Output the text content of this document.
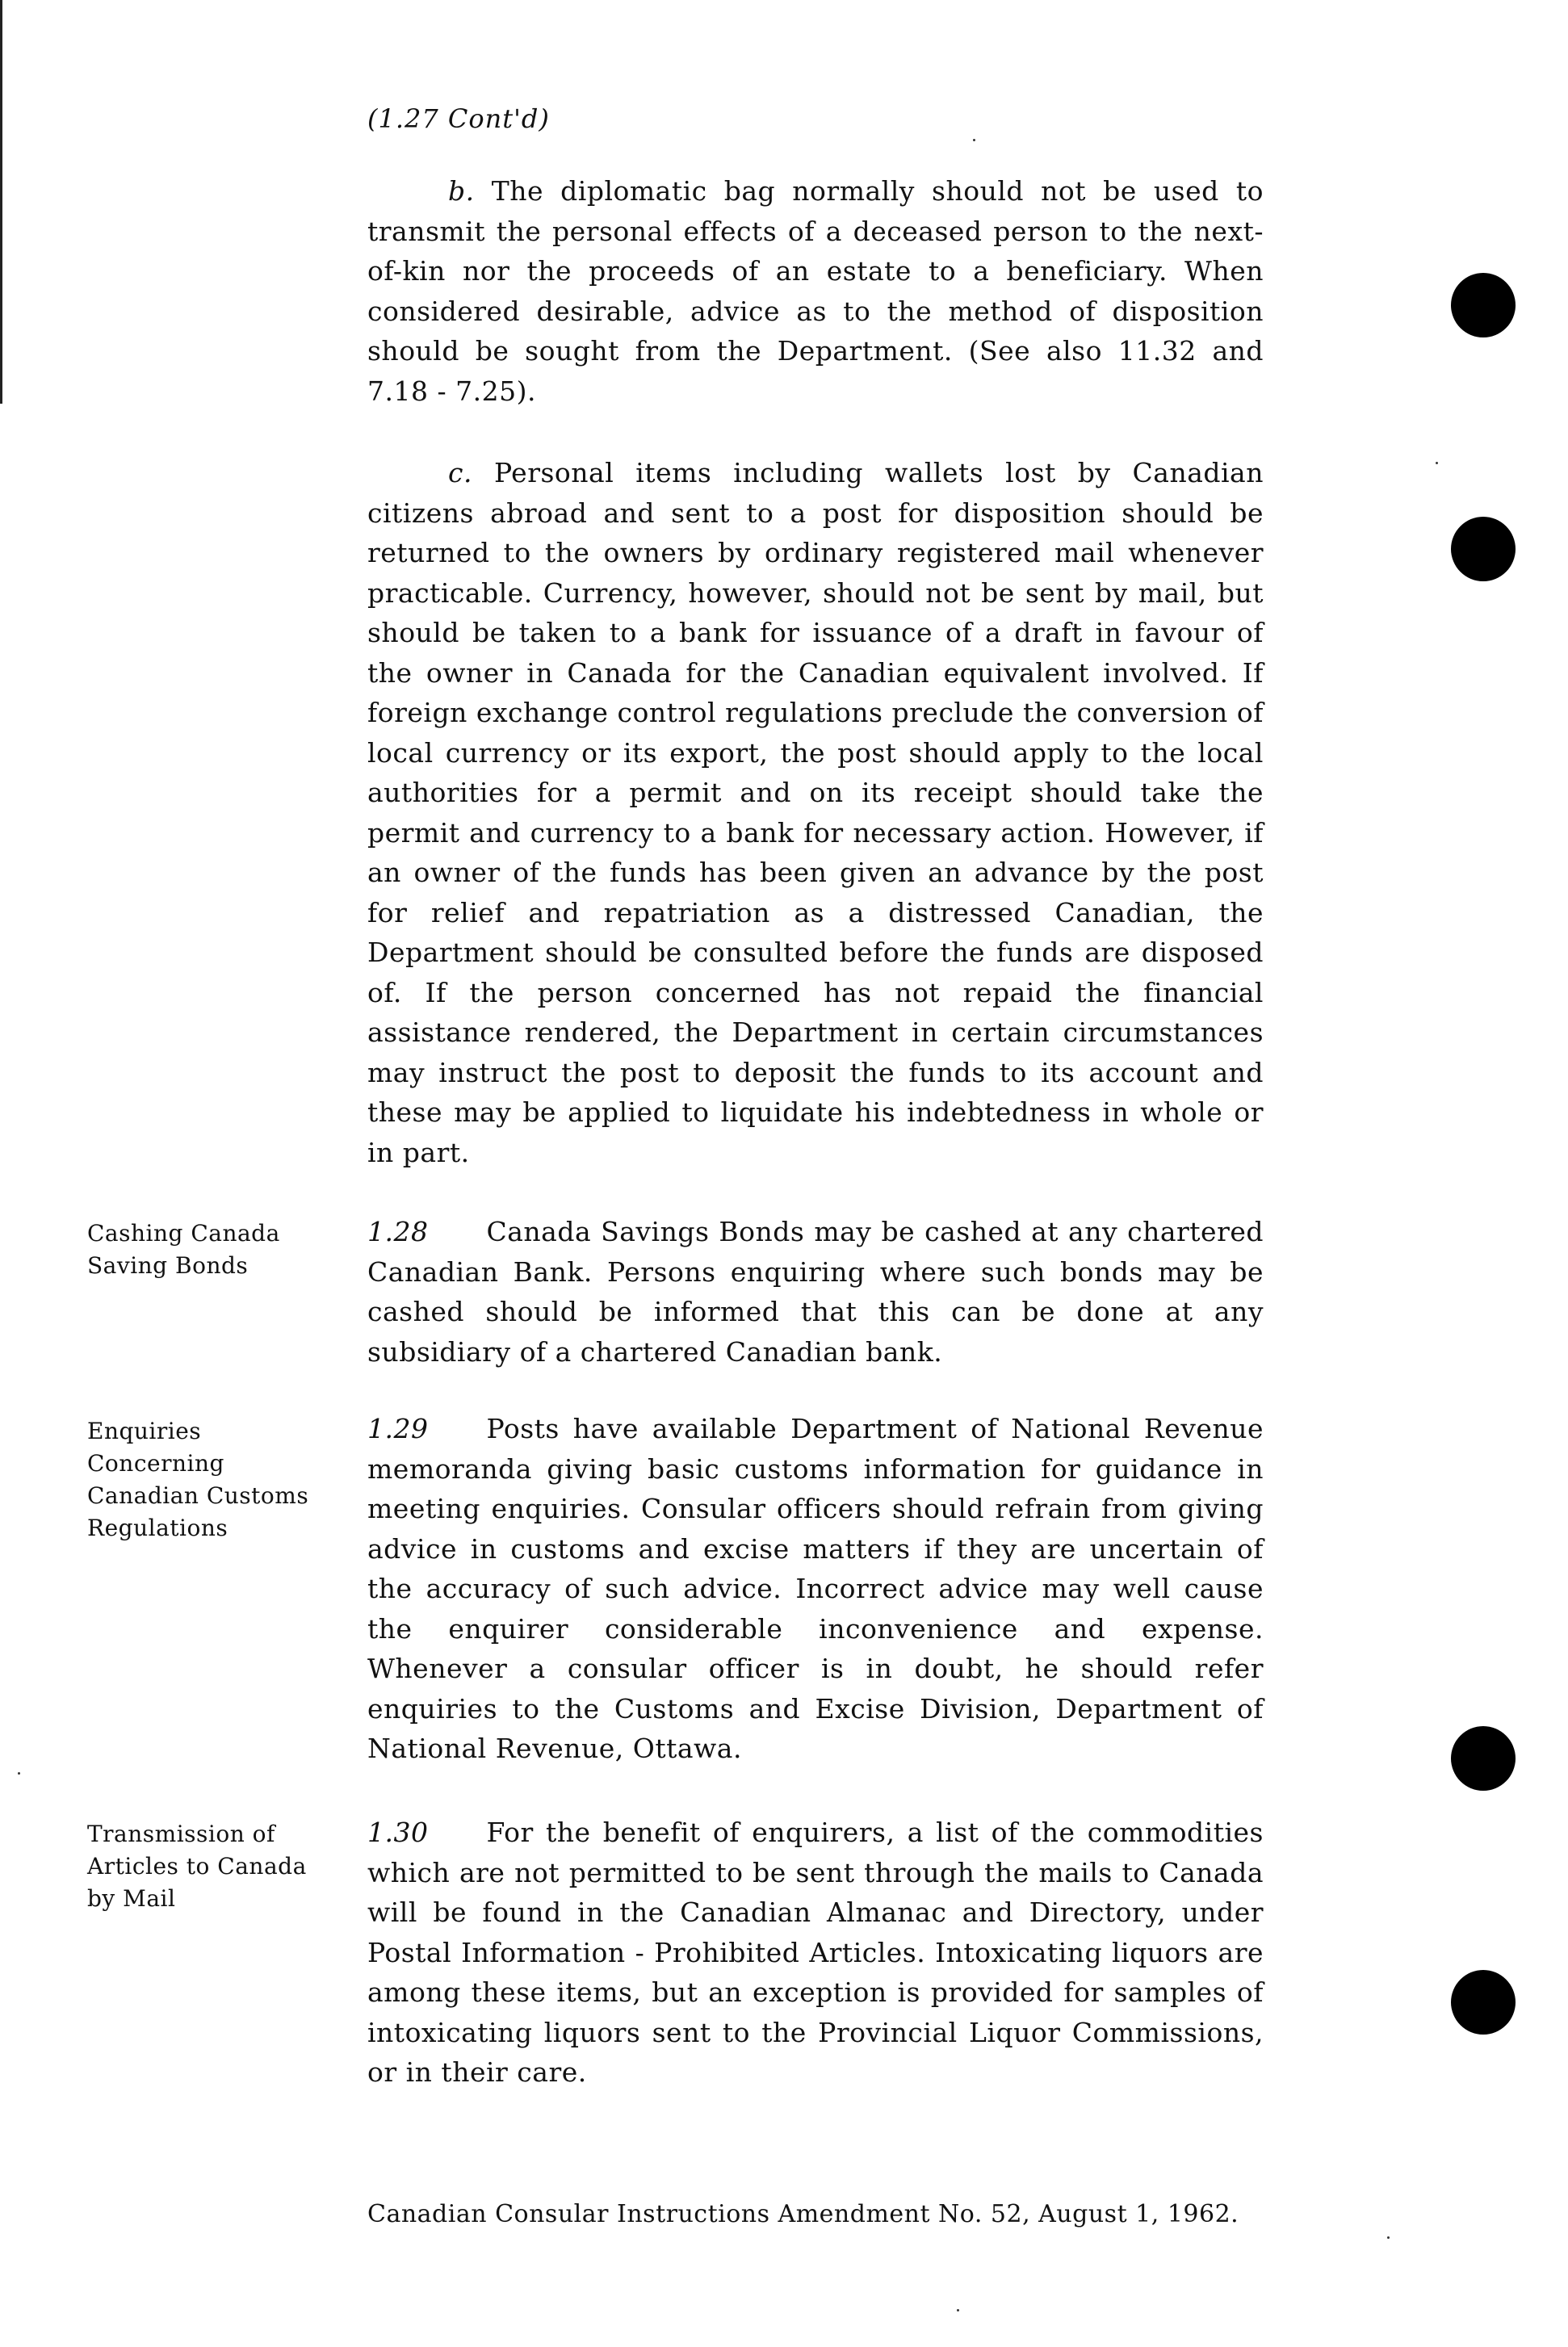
(1.27 Cont'd)
b. The diplomatic bag normally should not be used to transmit the personal effects of a deceased person to the next-of-kin nor the proceeds of an estate to a beneficiary. When considered desirable, advice as to the method of disposition should be sought from the Department. (See also 11.32 and 7.18 - 7.25).
c. Personal items including wallets lost by Canadian citizens abroad and sent to a post for disposition should be returned to the owners by ordinary registered mail whenever practicable. Currency, however, should not be sent by mail, but should be taken to a bank for issuance of a draft in favour of the owner in Canada for the Canadian equivalent involved. If foreign exchange control regulations preclude the conversion of local currency or its export, the post should apply to the local authorities for a permit and on its receipt should take the permit and currency to a bank for necessary action. However, if an owner of the funds has been given an advance by the post for relief and repatriation as a distressed Canadian, the Department should be consulted before the funds are disposed of. If the person concerned has not repaid the financial assistance rendered, the Department in certain circumstances may instruct the post to deposit the funds to its account and these may be applied to liquidate his indebtedness in whole or in part.
Cashing Canada Saving Bonds
1.28 Canada Savings Bonds may be cashed at any chartered Canadian Bank. Persons enquiring where such bonds may be cashed should be informed that this can be done at any subsidiary of a chartered Canadian bank.
Enquiries Concerning Canadian Customs Regulations
1.29 Posts have available Department of National Revenue memoranda giving basic customs information for guidance in meeting enquiries. Consular officers should refrain from giving advice in customs and excise matters if they are uncertain of the accuracy of such advice. Incorrect advice may well cause the enquirer considerable inconvenience and expense. Whenever a consular officer is in doubt, he should refer enquiries to the Customs and Excise Division, Department of National Revenue, Ottawa.
Transmission of Articles to Canada by Mail
1.30 For the benefit of enquirers, a list of the commodities which are not permitted to be sent through the mails to Canada will be found in the Canadian Almanac and Directory, under Postal Information - Prohibited Articles. Intoxicating liquors are among these items, but an exception is provided for samples of intoxicating liquors sent to the Provincial Liquor Commissions, or in their care.
Canadian Consular Instructions Amendment No. 52, August 1, 1962.
